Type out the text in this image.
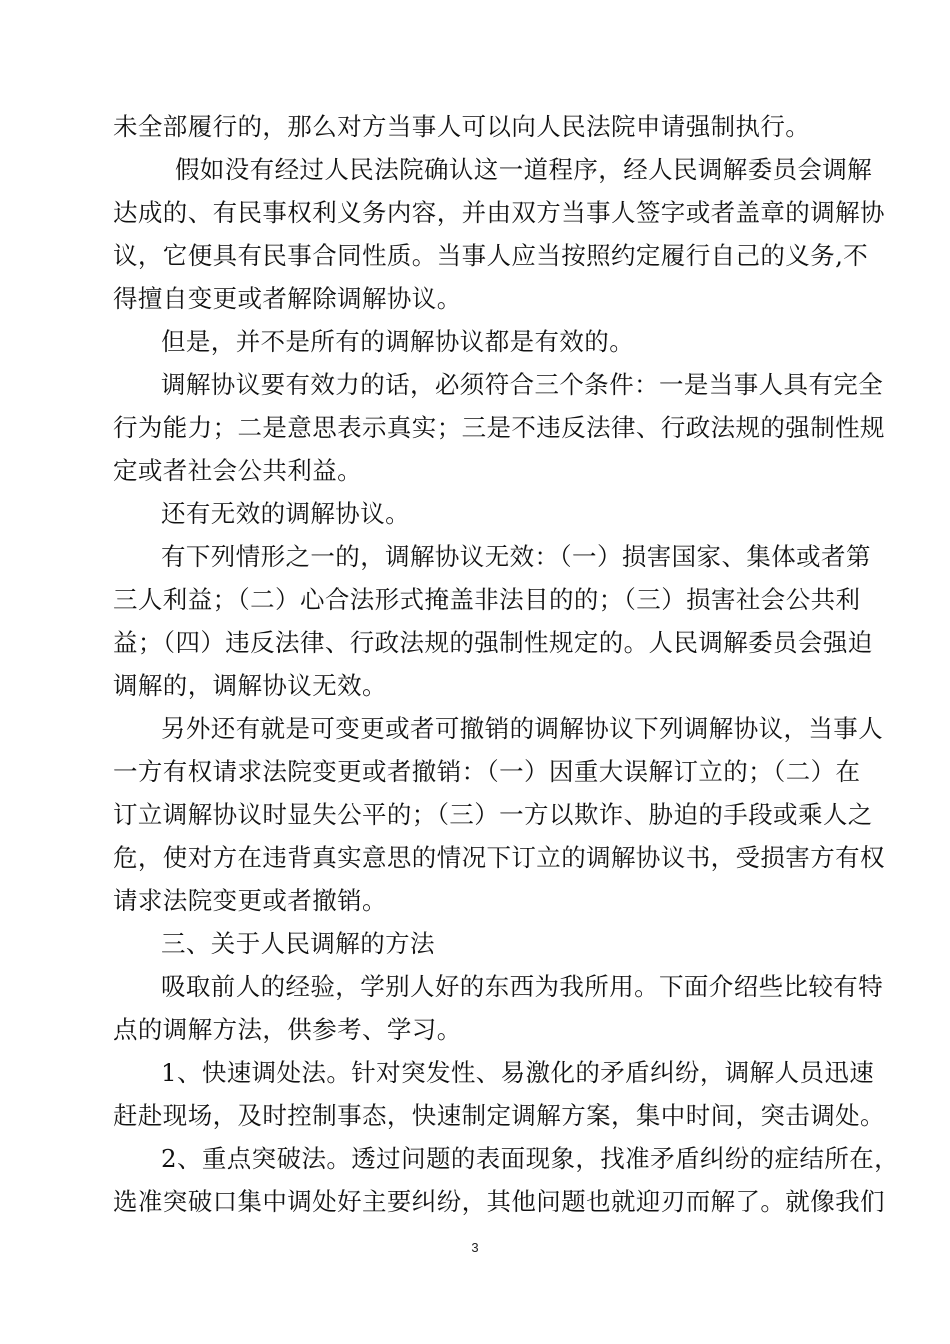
未全部履行的，那么对方当事人可以向人民法院申请强制执行。
假如没有经过人民法院确认这一道程序，经人民调解委员会调解
达成的、有民事权利义务内容，并由双方当事人签字或者盖章的调解协
议，它便具有民事合同性质。当事人应当按照约定履行自己的义务,不
得擅自变更或者解除调解协议。
但是，并不是所有的调解协议都是有效的。
调解协议要有效力的话，必须符合三个条件：一是当事人具有完全
行为能力；二是意思表示真实；三是不违反法律、行政法规的强制性规
定或者社会公共利益。
还有无效的调解协议。
有下列情形之一的，调解协议无效：（一）损害国家、集体或者第
三人利益；（二）心合法形式掩盖非法目的的；（三）损害社会公共利
益；（四）违反法律、行政法规的强制性规定的。人民调解委员会强迫
调解的，调解协议无效。
另外还有就是可变更或者可撤销的调解协议下列调解协议，当事人
一方有权请求法院变更或者撤销：（一）因重大误解订立的；（二）在
订立调解协议时显失公平的；（三）一方以欺诈、胁迫的手段或乘人之
危，使对方在违背真实意思的情况下订立的调解协议书，受损害方有权
请求法院变更或者撤销。
三、关于人民调解的方法
吸取前人的经验，学别人好的东西为我所用。下面介绍些比较有特
点的调解方法，供参考、学习。
1、快速调处法。针对突发性、易激化的矛盾纠纷，调解人员迅速
赶赴现场，及时控制事态，快速制定调解方案，集中时间，突击调处。
2、重点突破法。透过问题的表面现象，找准矛盾纠纷的症结所在，
选准突破口集中调处好主要纠纷，其他问题也就迎刃而解了。就像我们
3
